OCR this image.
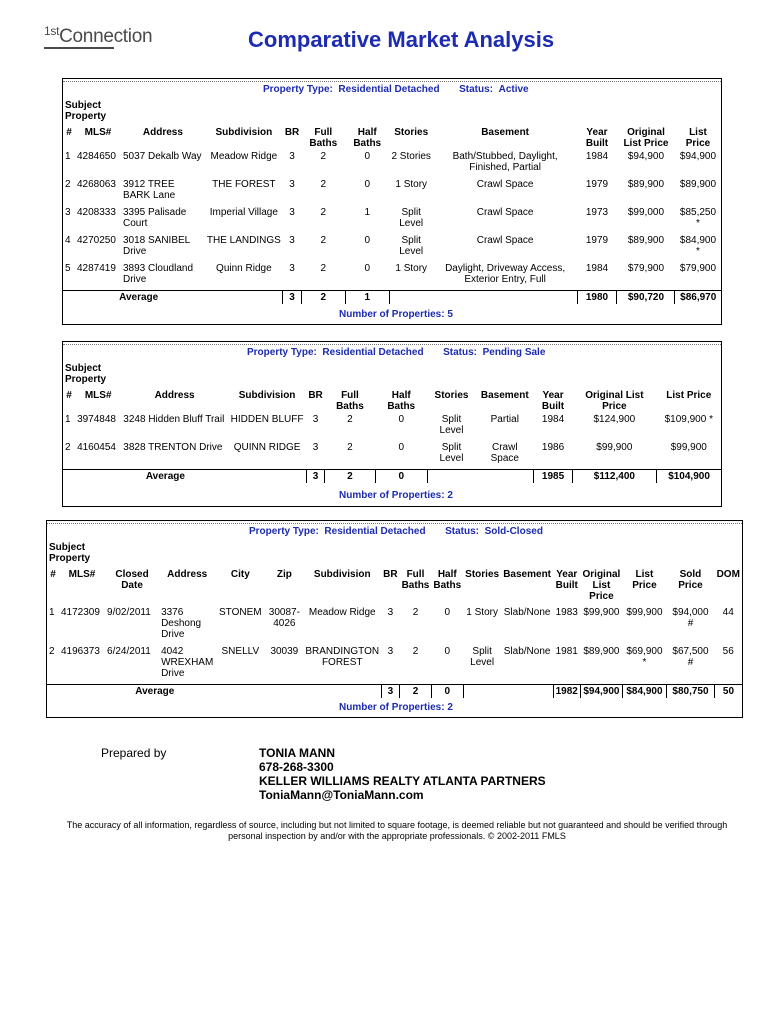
$^{1st}$Connection	Comparative Market Analysis
Property Type: Residential Detached Status: Active
Subject Property
#	MLS#	Address	Subdivision	BR	Full Baths	Half Baths	Stories	Basement	Year Built	Original List Price	List Price
1	4284650	5037 Dekalb Way	Meadow Ridge	3	2	0	2 Stories	Bath/Stubbed, Daylight, Finished, Partial	1984	$94,900	$94,900
2	4268063	3912 TREE BARK Lane	THE FOREST	3	2	0	1 Story	Crawl Space	1979	$89,900	$89,900
3	4208333	3395 Palisade Court	Imperial Village	3	2	1	Split Level	Crawl Space	1973	$99,000	$85,250 *
4	4270250	3018 SANIBEL Drive	THE LANDINGS	3	2	0	Split Level	Crawl Space	1979	$89,900	$84,900 *
5	4287419	3893 Cloudland Drive	Quinn Ridge	3	2	0	1 Story	Daylight, Driveway Access, Exterior Entry, Full	1984	$79,900	$79,900
Average				3	2	1			1980	$90,720	$86,970
Number of Properties: 5
Property Type: Residential Detached Status: Pending Sale
Subject Property
#	MLS#	Address	Subdivision	BR	Full Baths	Half Baths	Stories	Basement	Year Built	Original List Price	List Price
1	3974848	3248 Hidden Bluff Trail	HIDDEN BLUFF	3	2	0	Split Level	Partial	1984	$124,900	$109,900 *
2	4160454	3828 TRENTON Drive	QUINN RIDGE	3	2	0	Split Level	Crawl Space	1986	$99,900	$99,900
Average				3	2	0			1985	$112,400	$104,900
Number of Properties: 2
Property Type: Residential Detached Status: Sold-Closed
Subject Property
#	MLS#	Closed Date	Address	City	Zip	Subdivision	BR	Full Baths	Half Baths	Stories	Basement	Year Built	Original List Price	List Price	Sold Price	DOM
1	4172309	9/02/2011	3376 Deshong Drive	STONEM	30087-4026	Meadow Ridge	3	2	0	1 Story	Slab/None	1983	$99,900	$99,900	$94,000 #	44
2	4196373	6/24/2011	4042 WREXHAM Drive	SNELLV	30039	BRANDINGTON FOREST	3	2	0	Split Level	Slab/None	1981	$89,900	$69,900 *	$67,500 #	56
Average							3	2	0			1982	$94,900	$84,900	$80,750	50
Number of Properties: 2
Prepared by	TONIA MANN
678-268-3300
KELLER WILLIAMS REALTY ATLANTA PARTNERS
ToniaMann@ToniaMann.com
The accuracy of all information, regardless of source, including but not limited to square footage, is deemed reliable but not guaranteed and should be verified through personal inspection by and/or with the appropriate professionals. © 2002-2011 FMLS
